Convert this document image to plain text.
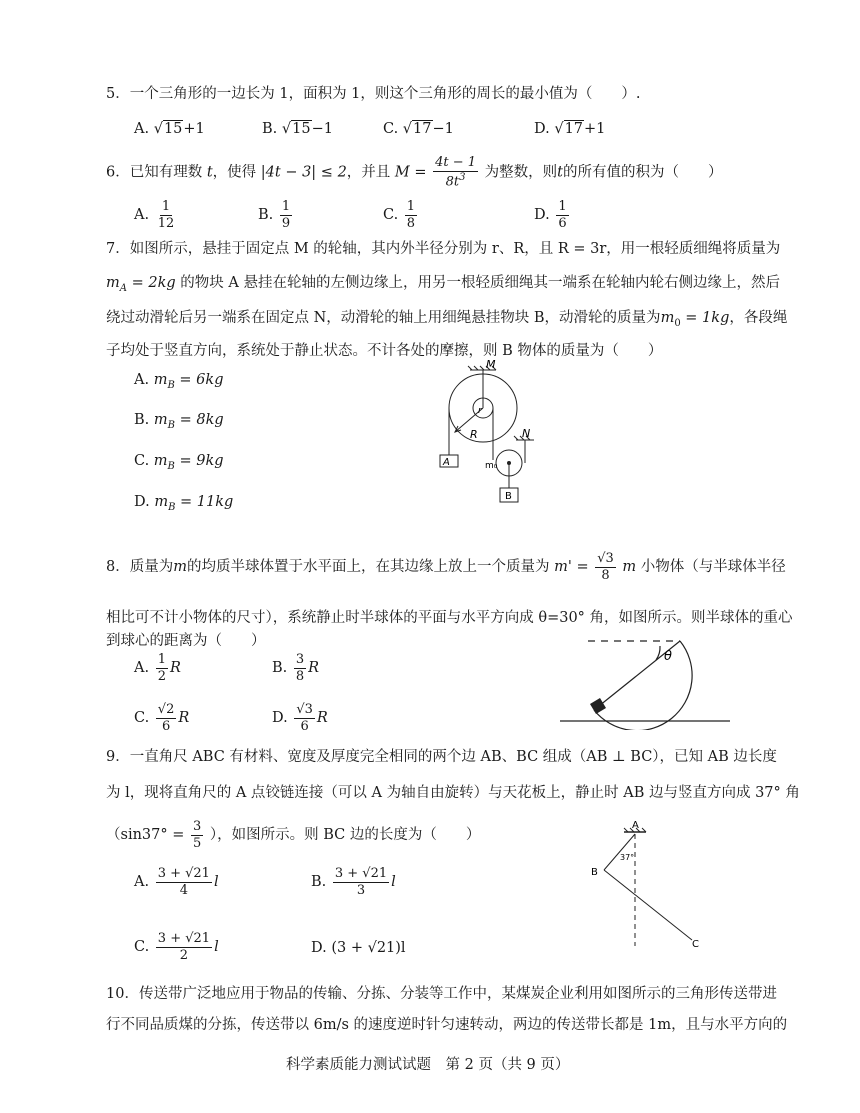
5．一个三角形的一边长为 1，面积为 1，则这个三角形的周长的最小值为（　　）.
A. √15+1	B. √15−1	C. √17−1	D. √17+1
6．已知有理数 t，使得 |4t − 3| ≤ 2，并且 $M = \frac{4t - 1}{8t^3}$ 为整数，则t的所有值的积为（　　）
A. $\frac{1}{12}$	B. $\frac{1}{9}$	C. $\frac{1}{8}$	D. $\frac{1}{6}$
7．如图所示，悬挂于固定点 M 的轮轴，其内外半径分别为 r、R，且 R = 3r，用一根轻质细绳将质量为
$m_A = 2kg$ 的物块 A 悬挂在轮轴的左侧边缘上，用另一根轻质细绳其一端系在轮轴内轮右侧边缘上，然后
绕过动滑轮后另一端系在固定点 N，动滑轮的轴上用细绳悬挂物块 B，动滑轮的质量为$m_0 = 1kg$，各段绳
子均处于竖直方向，系统处于静止状态。不计各处的摩擦，则 B 物体的质量为（　　）
A. $m_B = 6kg$
B. $m_B = 8kg$
C. $m_B = 9kg$
D. $m_B = 11kg$
M
r
R
A
N
m₀
B
8．质量为m的均质半球体置于水平面上，在其边缘上放上一个质量为 $m' = \frac{√3}{8}$ m 小物体（与半球体半径
相比可不计小物体的尺寸），系统静止时半球体的平面与水平方向成 θ=30° 角，如图所示。则半球体的重心
到球心的距离为（　　）
A. $\frac{1}{2}$ R	B. $\frac{3}{8}$ R
C. $\frac{√2}{6}$ R	D. $\frac{√3}{6}$ R
θ
9．一直角尺 ABC 有材料、宽度及厚度完全相同的两个边 AB、BC 组成（AB ⊥ BC），已知 AB 边长度
为 l，现将直角尺的 A 点铰链连接（可以 A 为轴自由旋转）与天花板上，静止时 AB 边与竖直方向成 37° 角
（$\sin 37^\circ = \frac{3}{5}$ ），如图所示。则 BC 边的长度为（　　）
A. $\frac{3 + √21}{4}$ l	B. $\frac{3 + √21}{3}$ l
C. $\frac{3 + √21}{2}$ l	D. (3 + √21)l
A
37°
B
C
10．传送带广泛地应用于物品的传输、分拣、分装等工作中，某煤炭企业利用如图所示的三角形传送带进
行不同品质煤的分拣，传送带以 6m/s 的速度逆时针匀速转动，两边的传送带长都是 1m，且与水平方向的
科学素质能力测试试题　第 2 页（共 9 页）
